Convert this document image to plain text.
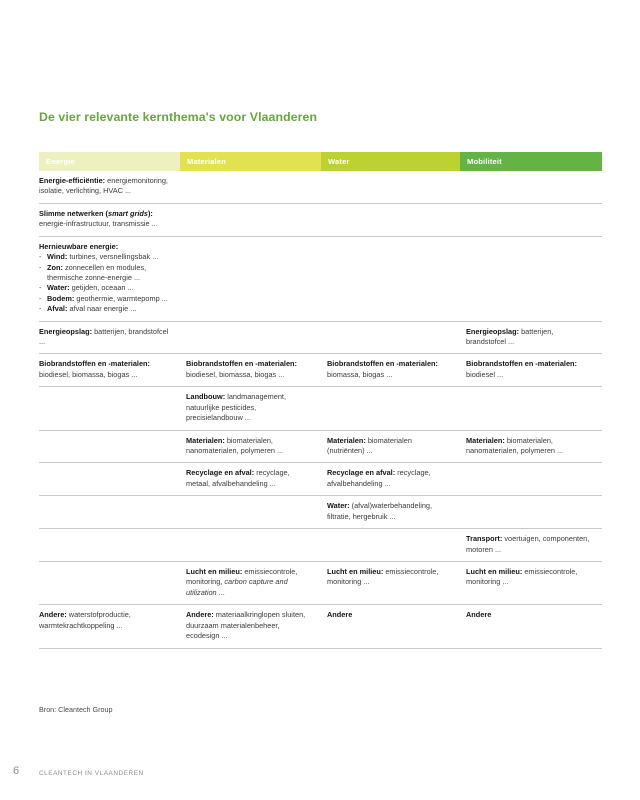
De vier relevante kernthema's voor Vlaanderen
Energie	Materialen	Water	Mobiliteit
Energie-efficiëntie: energiemonitoring, isolatie, verlichting, HVAC ...			
Slimme netwerken (smart grids): energie-infrastructuur, transmissie ...			
Hernieuwbare energie:
- Wind: turbines, versnellingsbak ...
- Zon: zonnecellen en modules, thermische zonne-energie ...
- Water: getijden, oceaan ...
- Bodem: geothermie, warmtepomp ...
- Afval: afval naar energie ...

Energieopslag: batterijen, brandstofcel ...			Energieopslag: batterijen, brandstofcel ...
Biobrandstoffen en -materialen: biodiesel, biomassa, biogas ...	Biobrandstoffen en -materialen: biodiesel, biomassa, biogas ...	Biobrandstoffen en -materialen: biomassa, biogas ...	Biobrandstoffen en -materialen: biodiesel ...
	Landbouw: landmanagement, natuurlijke pesticides, precisielandbouw ...		
	Materialen: biomaterialen, nanomaterialen, polymeren ...	Materialen: biomaterialen (nutriënten) ...	Materialen: biomaterialen, nanomaterialen, polymeren ...
	Recyclage en afval: recyclage, metaal, afvalbehandeling ...	Recyclage en afval: recyclage, afvalbehandeling ...	
		Water: (afval)waterbehandeling, filtratie, hergebruik ...	
			Transport: voertuigen, componenten, motoren ...
	Lucht en milieu: emissiecontrole, monitoring, carbon capture and utilization ...	Lucht en milieu: emissiecontrole, monitoring ...	Lucht en milieu: emissiecontrole, monitoring ...
Andere: waterstofproductie, warmtekrachtkoppeling ...	Andere: materiaalkringlopen sluiten, duurzaam materialenbeheer, ecodesign ...	Andere	Andere
Bron: Cleantech Group
6	CLEANTECH IN VLAANDEREN
